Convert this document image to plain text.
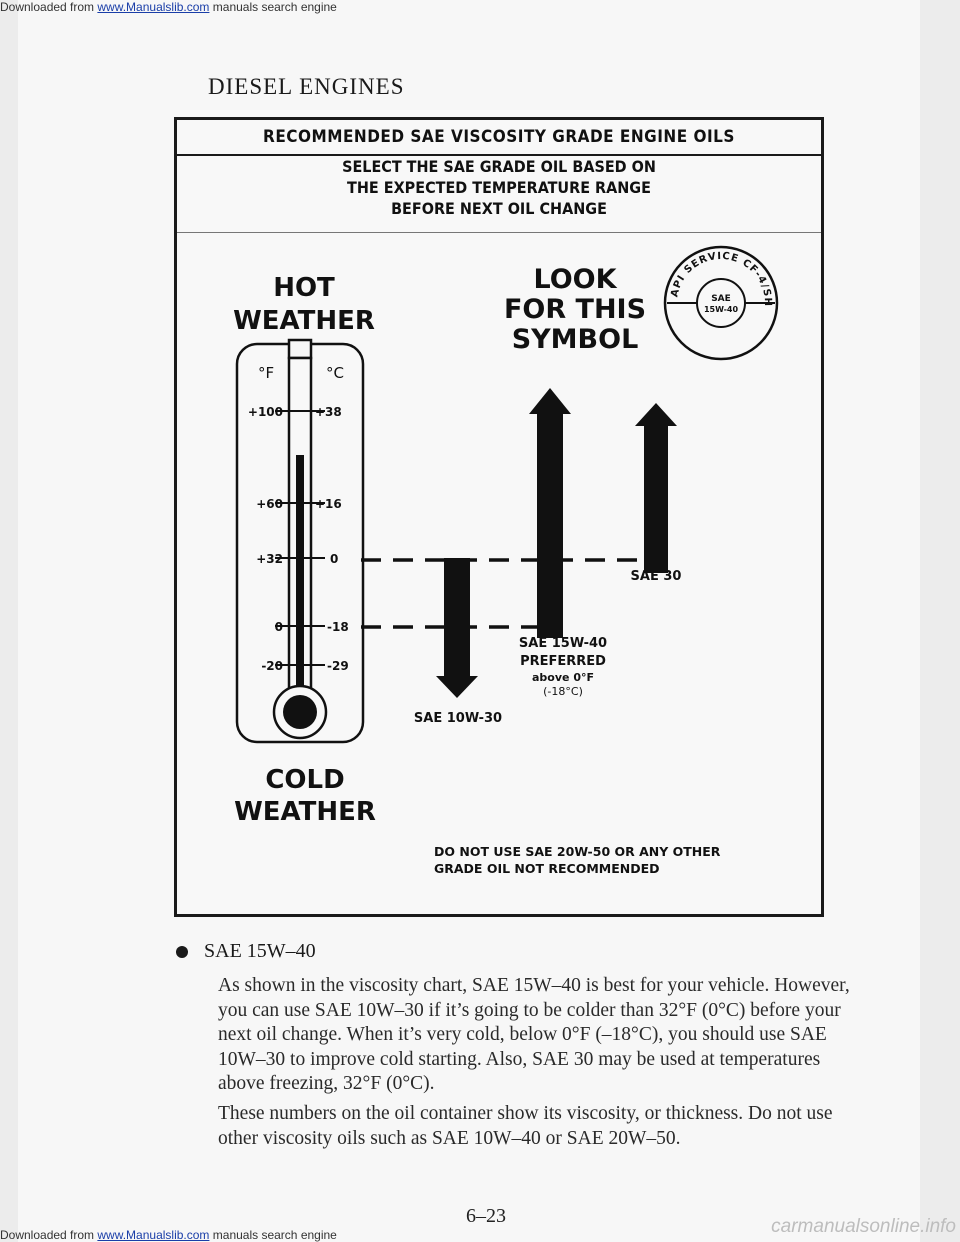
DIESEL ENGINES
RECOMMENDED SAE VISCOSITY GRADE ENGINE OILS
SELECT THE SAE GRADE OIL BASED ON
THE EXPECTED TEMPERATURE RANGE
BEFORE NEXT OIL CHANGE
HOT
WEATHER
LOOK
FOR THIS
SYMBOL
API SERVICE CF-4/SH
SAE
15W-40
°F	°C
+100	+38
+60	+16
+32	0
0	-18
-20	-29
SAE 30
SAE 15W-40
PREFERRED
above 0°F
(-18°C)
SAE 10W-30
COLD
WEATHER
DO NOT USE SAE 20W-50 OR ANY OTHER
GRADE OIL NOT RECOMMENDED
SAE 15W–40
As shown in the viscosity chart, SAE 15W–40 is best for your vehicle. However, you can use SAE 10W–30 if it’s going to be colder than 32°F (0°C) before your next oil change. When it’s very cold, below 0°F (–18°C), you should use SAE 10W–30 to improve cold starting. Also, SAE 30 may be used at temperatures above freezing, 32°F (0°C).
These numbers on the oil container show its viscosity, or thickness. Do not use other viscosity oils such as SAE 10W–40 or SAE 20W–50.
6–23
Downloaded from www.Manualslib.com manuals search engine
Downloaded from www.Manualslib.com manuals search engine	carmanualsonline.info
